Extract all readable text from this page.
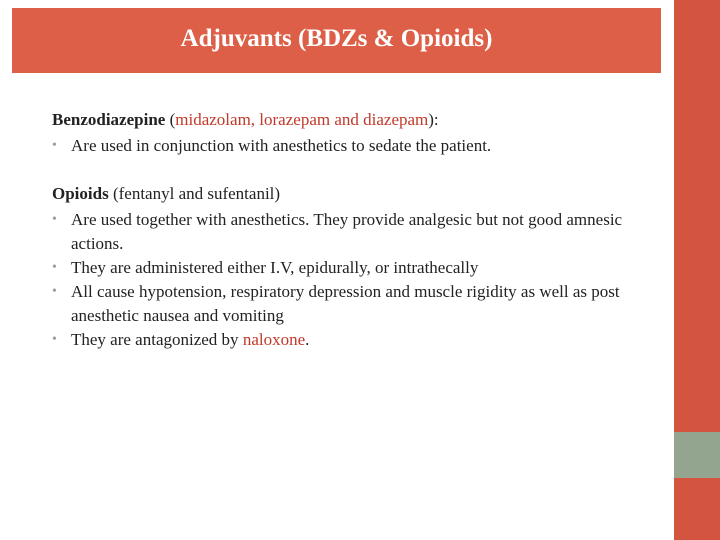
Adjuvants (BDZs & Opioids)

Benzodiazepine (midazolam, lorazepam and diazepam):

• Are used in conjunction with anesthetics to sedate the patient.

Opioids (fentanyl and sufentanil)

• Are used together with anesthetics. They provide analgesic but not good amnesic actions.
• They are administered either I.V, epidurally, or intrathecally
• All cause hypotension, respiratory depression and muscle rigidity as well as post anesthetic nausea and vomiting
• They are antagonized by naloxone.
